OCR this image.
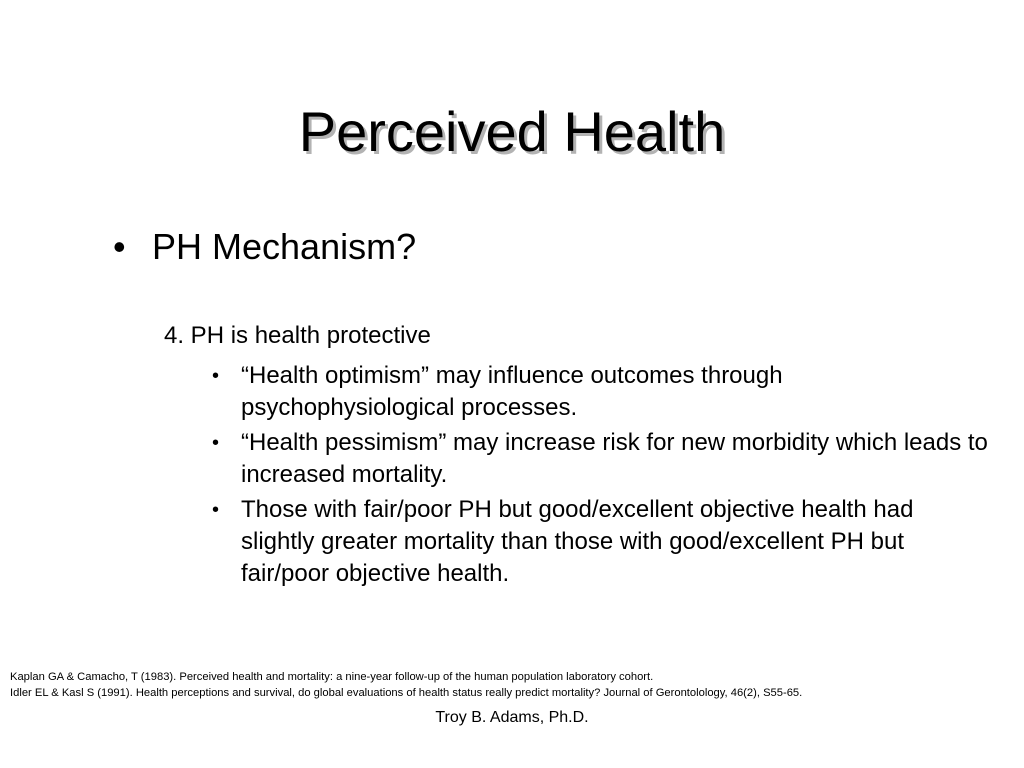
Perceived Health
• PH Mechanism?
4. PH is health protective
• “Health optimism” may influence outcomes through psychophysiological processes.
• “Health pessimism” may increase risk for new morbidity which leads to increased mortality.
• Those with fair/poor PH but good/excellent objective health had slightly greater mortality than those with good/excellent PH but fair/poor objective health.
Kaplan GA & Camacho, T (1983). Perceived health and mortality: a nine-year follow-up of the human population laboratory cohort.
Idler EL & Kasl S (1991). Health perceptions and survival, do global evaluations of health status really predict mortality? Journal of Gerontolology, 46(2), S55-65.
Troy B. Adams, Ph.D.
